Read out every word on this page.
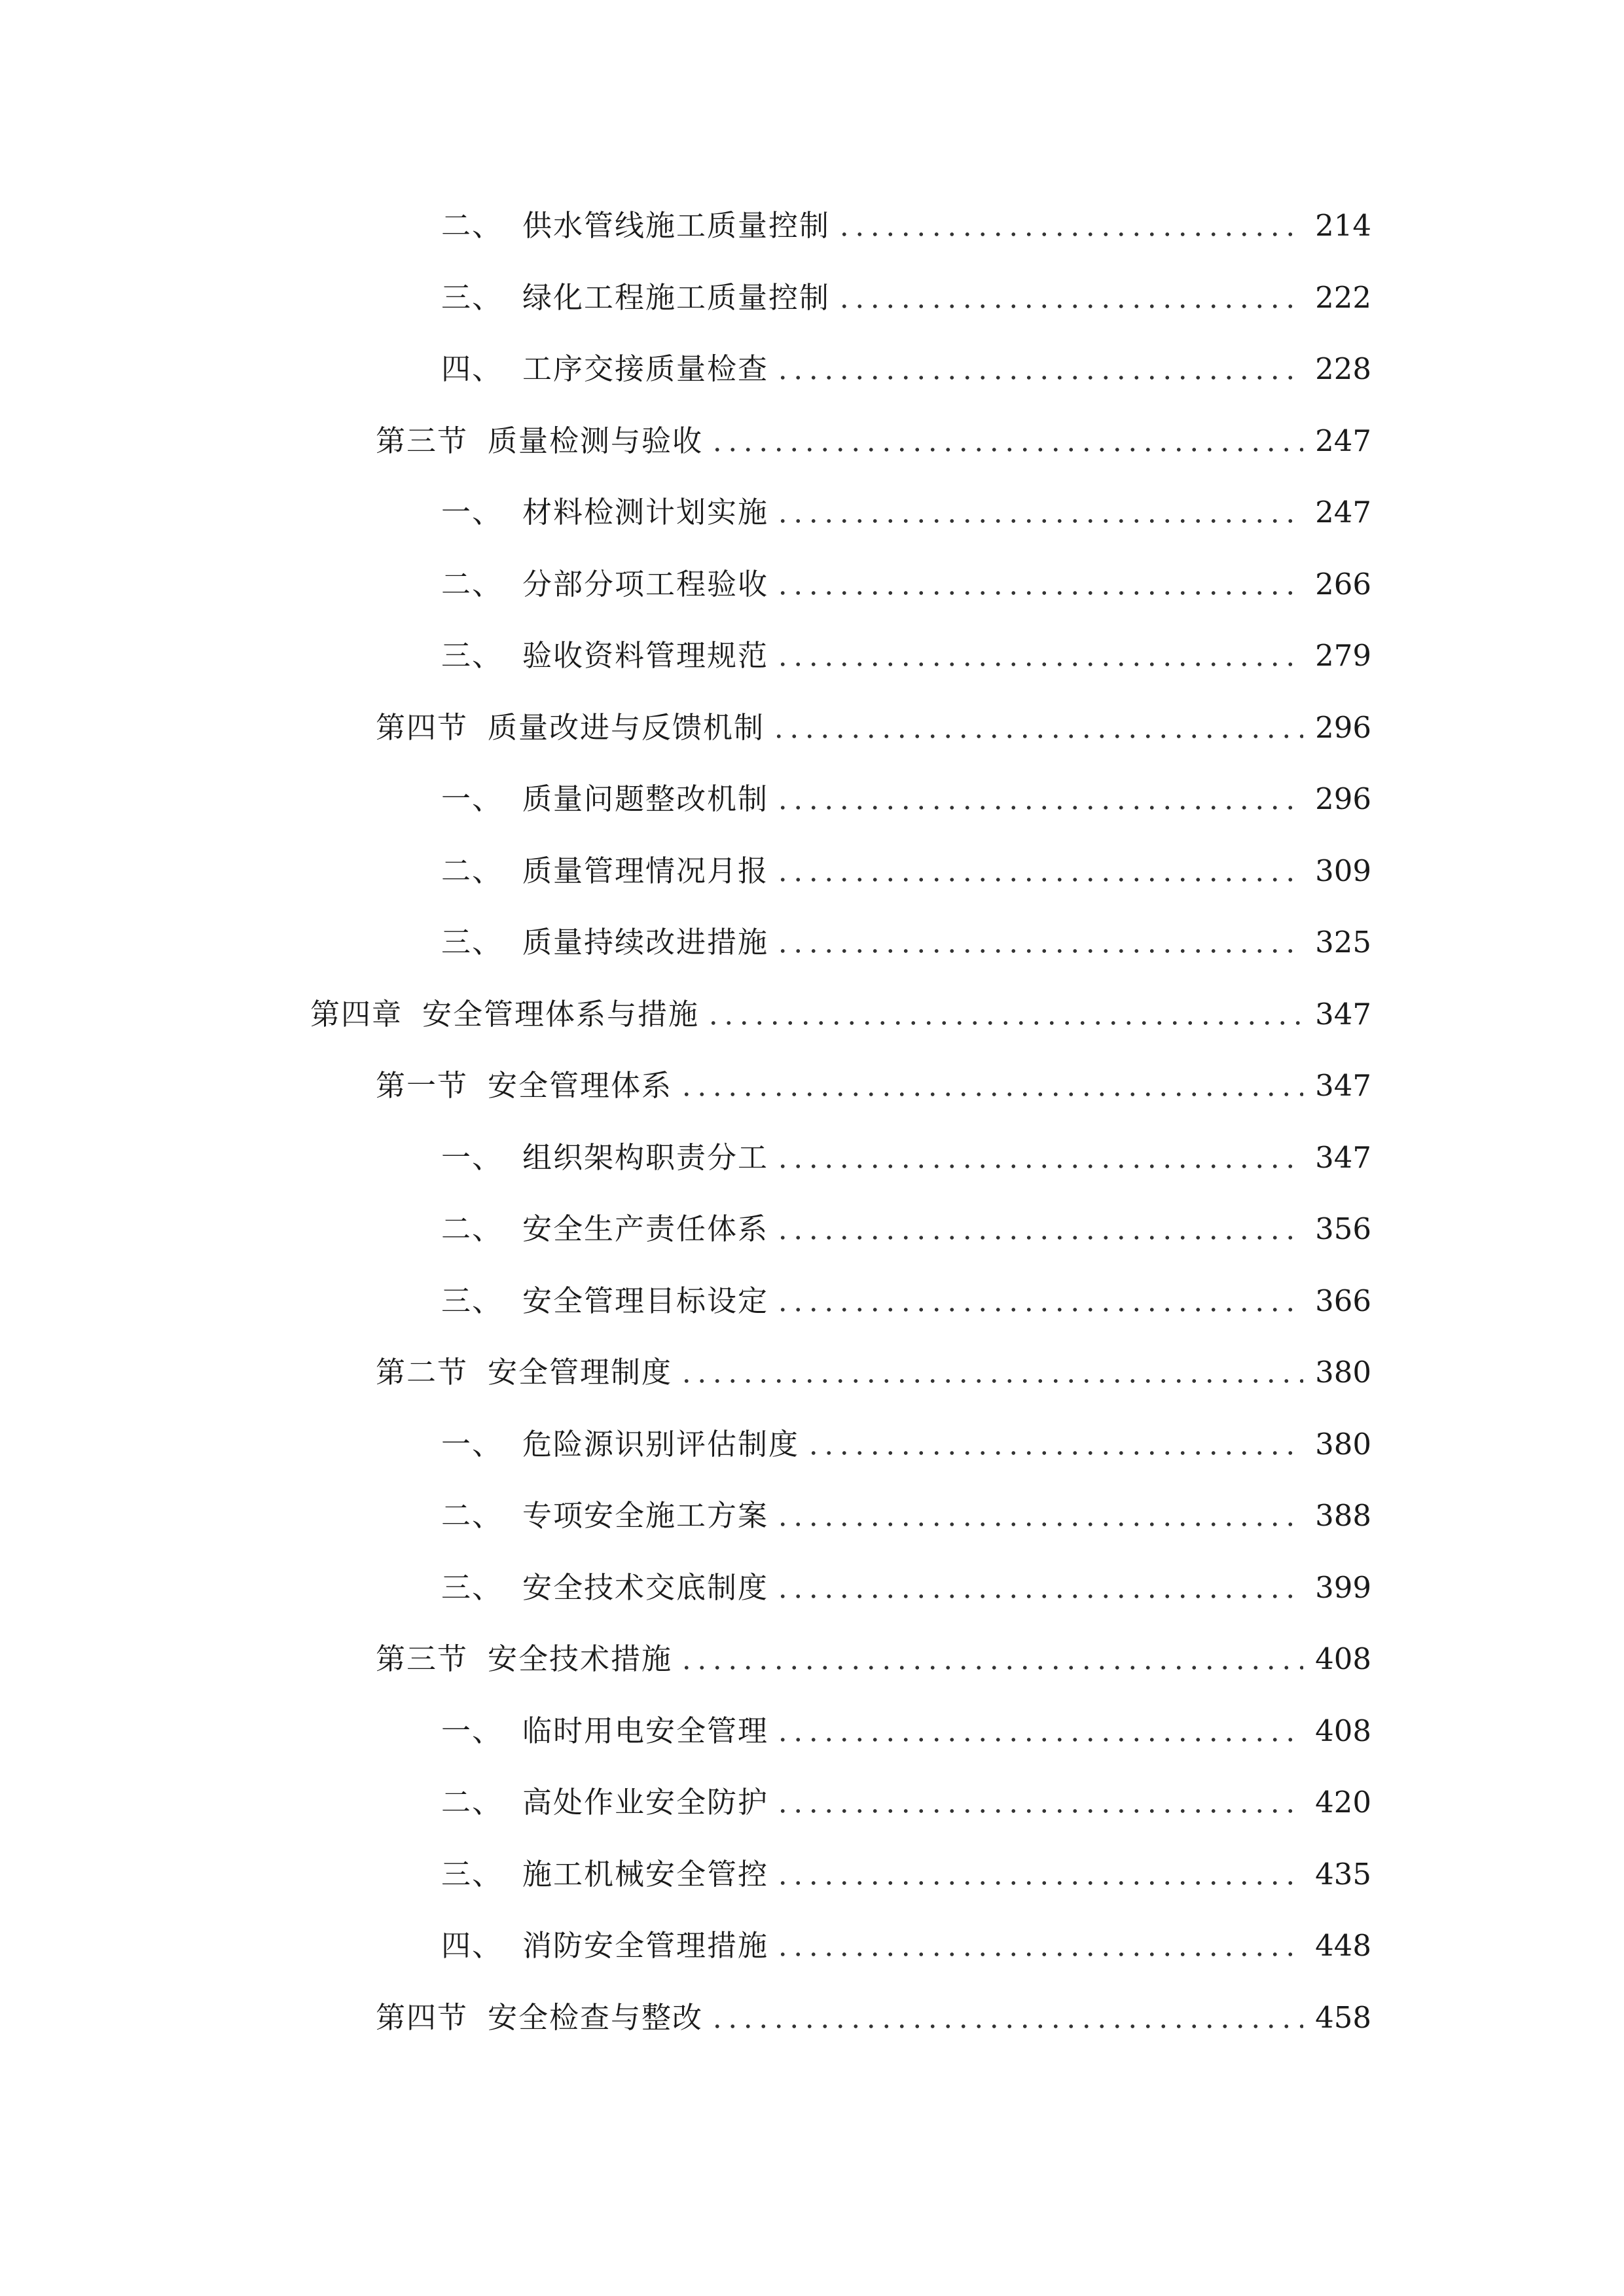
二、 供水管线施工质量控制	214
三、 绿化工程施工质量控制	222
四、 工序交接质量检查	228
第三节 质量检测与验收	247
一、 材料检测计划实施	247
二、 分部分项工程验收	266
三、 验收资料管理规范	279
第四节 质量改进与反馈机制	296
一、 质量问题整改机制	296
二、 质量管理情况月报	309
三、 质量持续改进措施	325
第四章 安全管理体系与措施	347
第一节 安全管理体系	347
一、 组织架构职责分工	347
二、 安全生产责任体系	356
三、 安全管理目标设定	366
第二节 安全管理制度	380
一、 危险源识别评估制度	380
二、 专项安全施工方案	388
三、 安全技术交底制度	399
第三节 安全技术措施	408
一、 临时用电安全管理	408
二、 高处作业安全防护	420
三、 施工机械安全管控	435
四、 消防安全管理措施	448
第四节 安全检查与整改	458
